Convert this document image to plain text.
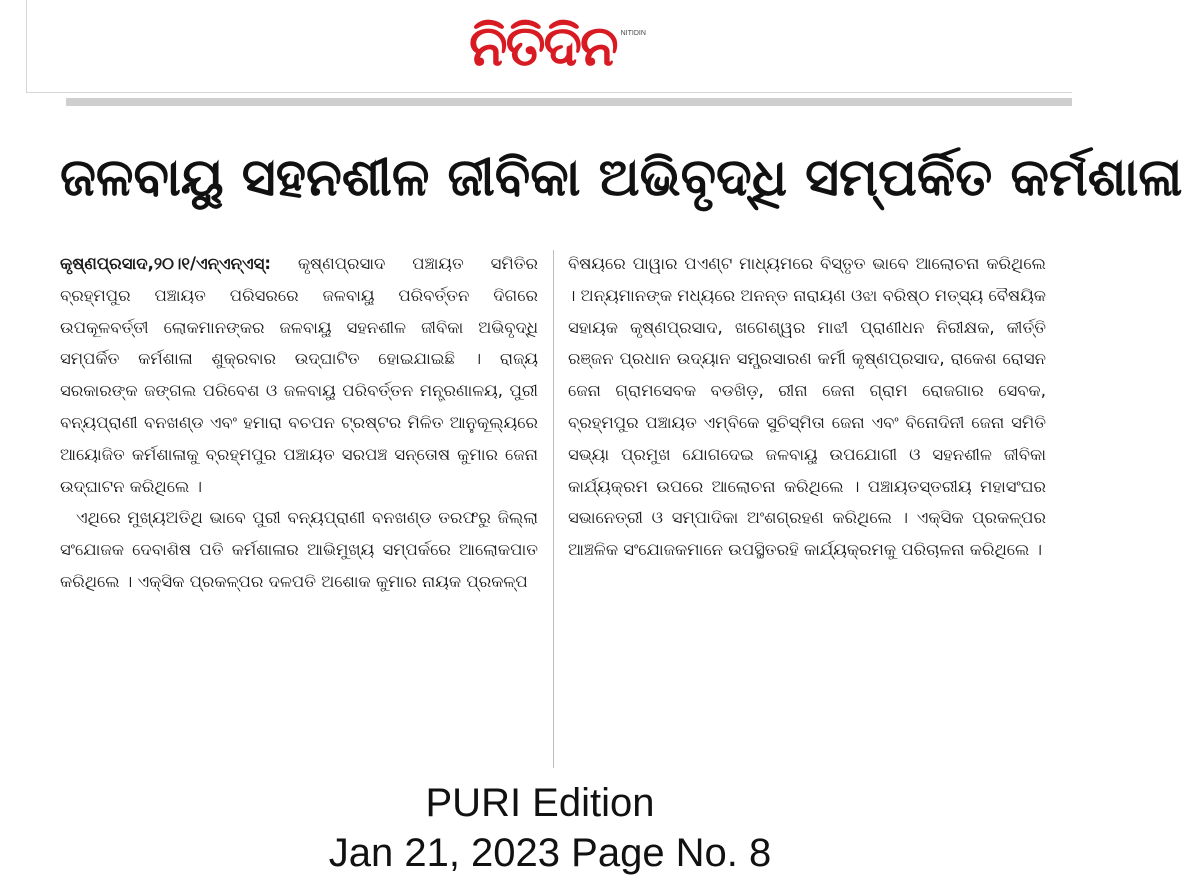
ନିତିଦିନ NITIDIN
ଜଳବାୟୁ ସହନଶୀଳ ଜୀବିକା ଅଭିବୃଦ୍ଧି ସମ୍ପର୍କିତ କର୍ମଶାଳା

କୃଷ୍ଣପ୍ରସାଦ,୨୦।୧/ଏନ୍‌ଏନ୍‌ଏସ୍: କୃଷ୍ଣପ୍ରସାଦ ପଞ୍ଚାୟତ ସମିତିର ବ୍ରହ୍ମପୁର ପଞ୍ଚାୟତ ପରିସରରେ ଜଳବାୟୁ ପରିବର୍ତ୍ତନ ଦିଗରେ ଉପକୂଳବର୍ତ୍ତୀ ଲୋକମାନଙ୍କର ଜଳବାୟୁ ସହନଶୀଳ ଜୀବିକା ଅଭିବୃଦ୍ଧି ସମ୍ପର୍କିତ କର୍ମଶାଳା ଶୁକ୍ରବାର ଉଦ୍‌ଘାଟିତ ହୋଇଯାଇଛି । ରାଜ୍ୟ ସରକାରଙ୍କ ଜଙ୍ଗଲ ପରିବେଶ ଓ ଜଳବାୟୁ ପରିବର୍ତ୍ତନ ମନ୍ତ୍ରଣାଳୟ, ପୁରୀ ବନ୍ୟପ୍ରାଣୀ ବନଖଣ୍ଡ ଏବଂ ହମାରା ବଚପନ ଟ୍ରଷ୍ଟର ମିଳିତ ଆନୁକୂଲ୍ୟରେ ଆୟୋଜିତ କର୍ମଶାଳାକୁ ବ୍ରହ୍ମପୁର ପଞ୍ଚାୟତ ସରପଞ୍ଚ ସନ୍ତୋଷ କୁମାର ଜେନା ଉଦ୍‌ଘାଟନ କରିଥିଲେ ।

ଏଥିରେ ମୁଖ୍ୟଅତିଥି ଭାବେ ପୁରୀ ବନ୍ୟପ୍ରାଣୀ ବନଖଣ୍ଡ ତରଫରୁ ଜିଲ୍ଲା ସଂଯୋଜକ ଦେବାଶିଷ ପତି କର୍ମଶାଳାର ଆଭିମୁଖ୍ୟ ସମ୍ପର୍କରେ ଆଲୋକପାତ କରିଥିଲେ । ଏକ୍ସିକ ପ୍ରକଳ୍ପର ଦଳପତି ଅଶୋକ କୁମାର ନାୟକ ପ୍ରକଳ୍ପ

ବିଷୟରେ ପାୱାର ପଏଣ୍ଟ ମାଧ୍ୟମରେ ବିସ୍ତୃତ ଭାବେ ଆଲୋଚନା କରିଥିଲେ । ଅନ୍ୟମାନଙ୍କ ମଧ୍ୟରେ ଅନନ୍ତ ନାରାୟଣ ଓଝା ବରିଷ୍ଠ ମତ୍ସ୍ୟ ବୈଷୟିକ ସହାୟକ କୃଷ୍ଣପ୍ରସାଦ, ଖଗେଶ୍ୱର ମାଝୀ ପ୍ରାଣୀଧନ ନିରୀକ୍ଷକ, କୀର୍ତ୍ତି ରଞ୍ଜନ ପ୍ରଧାନ ଉଦ୍ୟାନ ସମ୍ପ୍ରସାରଣ କର୍ମୀ କୃଷ୍ଣପ୍ରସାଦ, ରାକେଶ ରୋସନ ଜେନା ଗ୍ରାମସେବକ ବଡଖିଡ଼, ରୀନା ଜେନା ଗ୍ରାମ ରୋଜଗାର ସେବକ, ବ୍ରହ୍ମପୁର ପଞ୍ଚାୟତ ଏମ୍‌ବିକେ ସୁଚିସ୍ମିତା ଜେନା ଏବଂ ବିନୋଦିନୀ ଜେନା ସମିତି ସଭ୍ୟା ପ୍ରମୁଖ ଯୋଗଦେଇ ଜଳବାୟୁ ଉପଯୋଗୀ ଓ ସହନଶୀଳ ଜୀବିକା କାର୍ଯ୍ୟକ୍ରମ ଉପରେ ଆଲୋଚନା କରିଥିଲେ । ପଞ୍ଚାୟତସ୍ତରୀୟ ମହାସଂଘର ସଭାନେତ୍ରୀ ଓ ସମ୍ପାଦିକା ଅଂଶଗ୍ରହଣ କରିଥିଲେ । ଏକ୍ସିକ ପ୍ରକଳ୍ପର ଆଞ୍ଚଳିକ ସଂଯୋଜକମାନେ ଉପସ୍ଥିତରହି କାର୍ଯ୍ୟକ୍ରମକୁ ପରିଚାଳନା କରିଥିଲେ ।

PURI Edition
Jan 21, 2023 Page No. 8
